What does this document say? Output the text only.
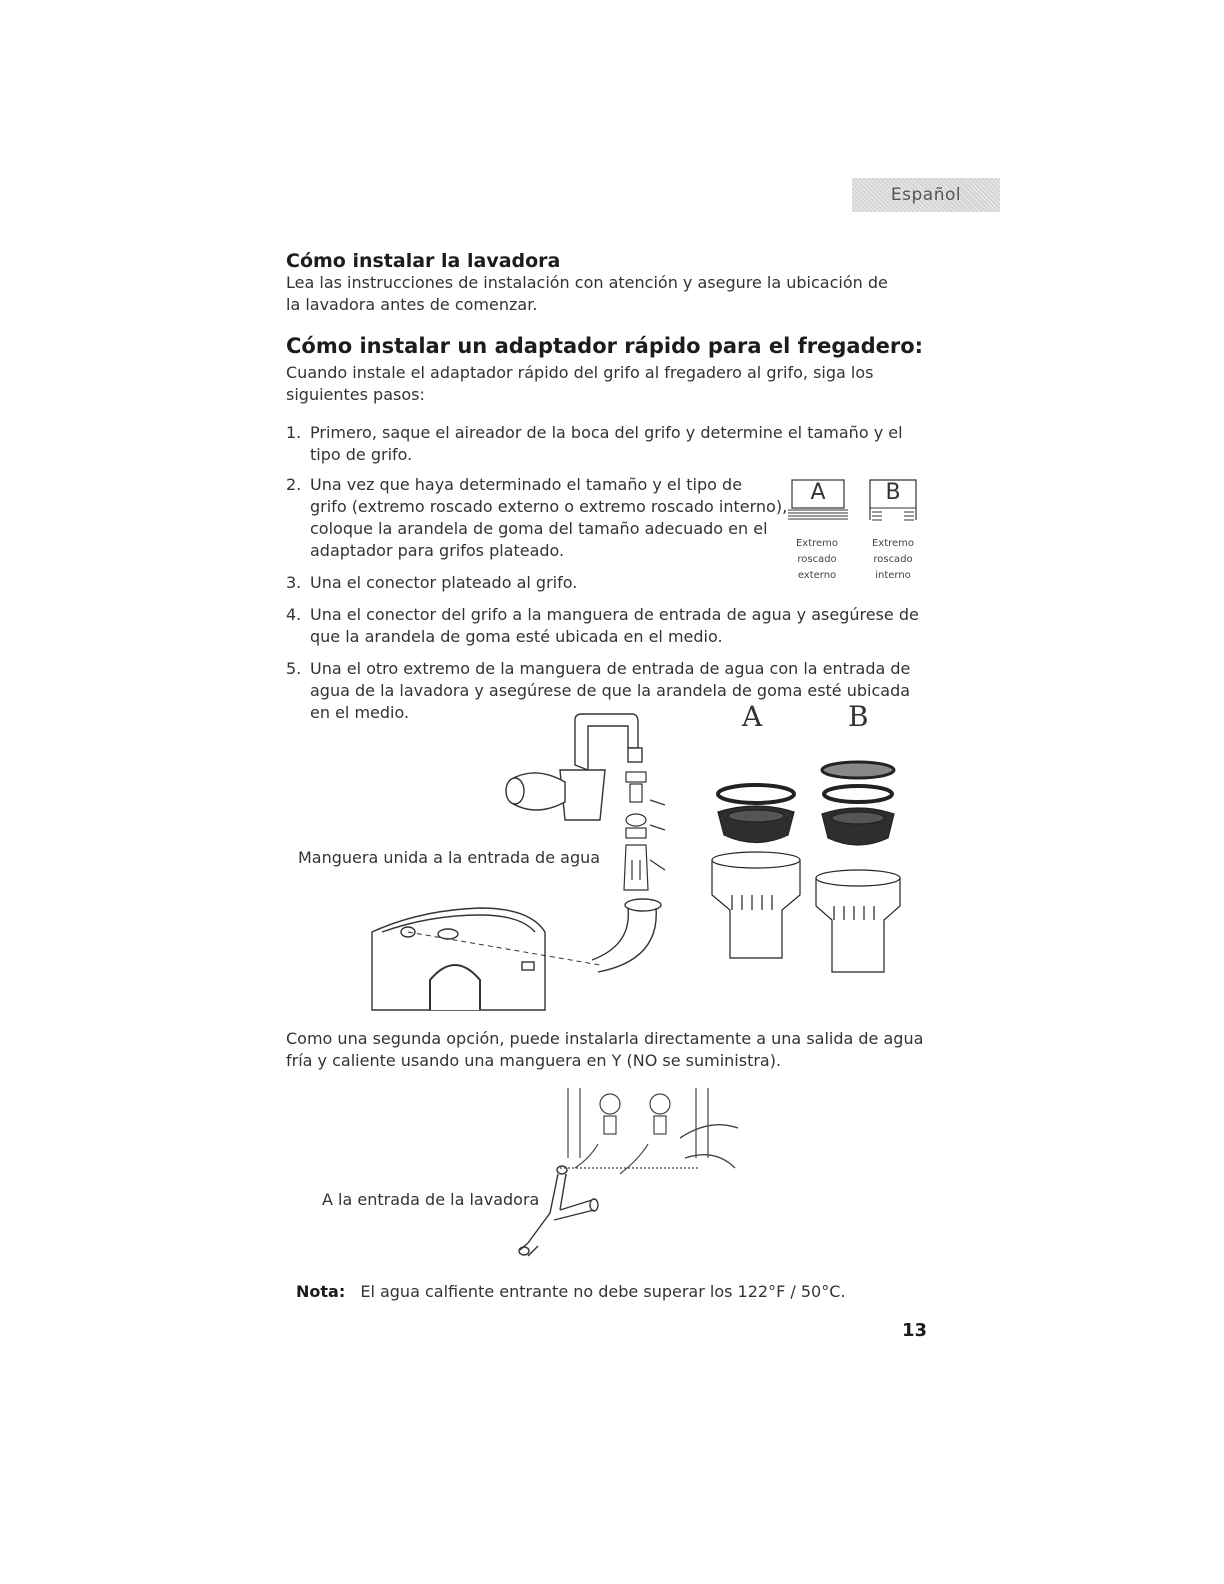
Español
Cómo instalar la lavadora

Lea las instrucciones de instalación con atención y asegure la ubicación de la lavadora antes de comenzar.

Cómo instalar un adaptador rápido para el fregadero:

Cuando instale el adaptador rápido del grifo al fregadero al grifo, siga los siguientes pasos:

1. Primero, saque el aireador de la boca del grifo y determine el tamaño y el
tipo de grifo.
2. Una vez que haya determinado el tamaño y el tipo de
grifo (extremo roscado externo o extremo roscado interno),
coloque la arandela de goma del tamaño adecuado en el
adaptador para grifos plateado.
3. Una el conector plateado al grifo.
4. Una el conector del grifo a la manguera de entrada de agua y asegúrese de
que la arandela de goma esté ubicada en el medio.
5. Una el otro extremo de la manguera de entrada de agua con la entrada de
agua de la lavadora y asegúrese de que la arandela de goma esté ubicada
en el medio.
A
Extremo
roscado
externo
B
Extremo
roscado
interno
A	B
Manguera unida a la entrada de agua

Como una segunda opción, puede instalarla directamente a una salida de agua fría y caliente usando una manguera en Y (NO se suministra).

A la entrada de la lavadora
Nota: El agua calfiente entrante no debe superar los 122°F / 50°C.
13
